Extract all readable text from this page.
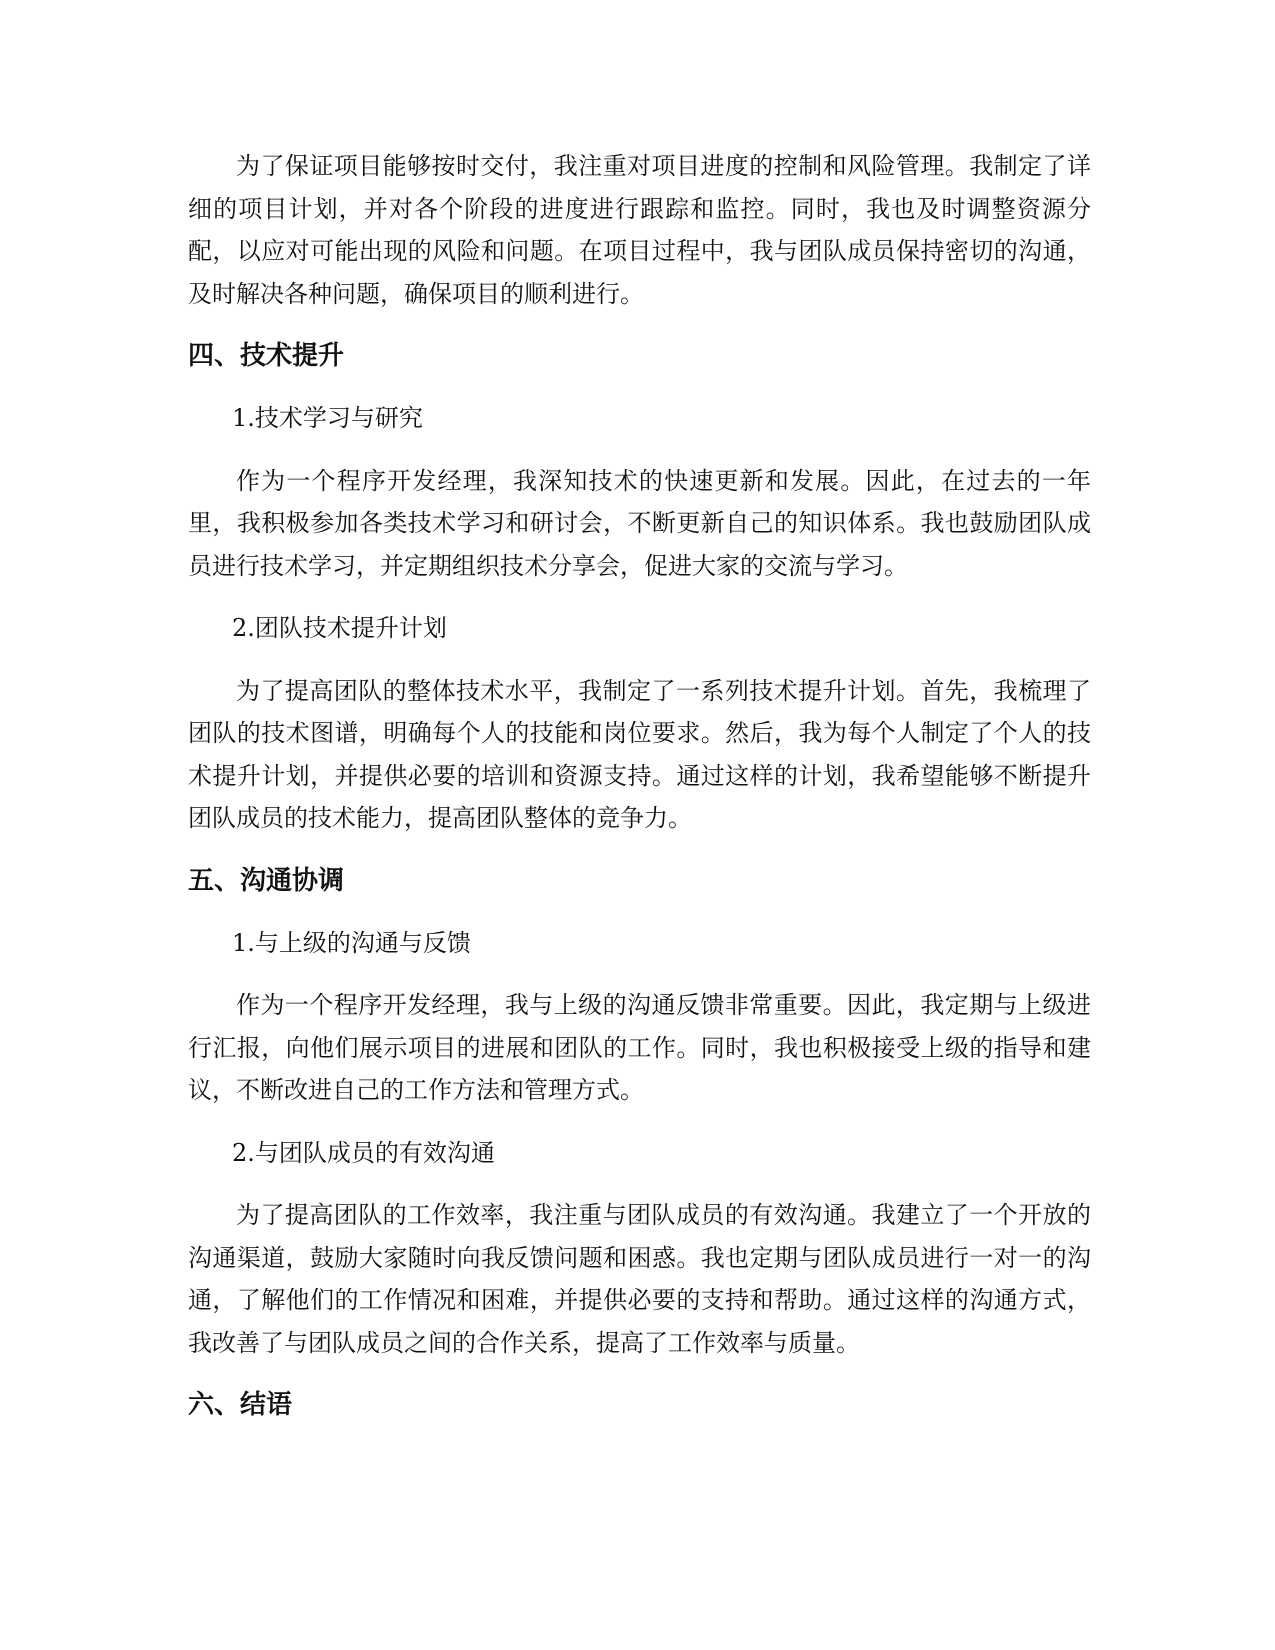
为了保证项目能够按时交付，我注重对项目进度的控制和风险管理。我制定了详细的项目计划，并对各个阶段的进度进行跟踪和监控。同时，我也及时调整资源分配，以应对可能出现的风险和问题。在项目过程中，我与团队成员保持密切的沟通，及时解决各种问题，确保项目的顺利进行。

四、技术提升

1.技术学习与研究

作为一个程序开发经理，我深知技术的快速更新和发展。因此，在过去的一年里，我积极参加各类技术学习和研讨会，不断更新自己的知识体系。我也鼓励团队成员进行技术学习，并定期组织技术分享会，促进大家的交流与学习。

2.团队技术提升计划

为了提高团队的整体技术水平，我制定了一系列技术提升计划。首先，我梳理了团队的技术图谱，明确每个人的技能和岗位要求。然后，我为每个人制定了个人的技术提升计划，并提供必要的培训和资源支持。通过这样的计划，我希望能够不断提升团队成员的技术能力，提高团队整体的竞争力。

五、沟通协调

1.与上级的沟通与反馈

作为一个程序开发经理，我与上级的沟通反馈非常重要。因此，我定期与上级进行汇报，向他们展示项目的进展和团队的工作。同时，我也积极接受上级的指导和建议，不断改进自己的工作方法和管理方式。

2.与团队成员的有效沟通

为了提高团队的工作效率，我注重与团队成员的有效沟通。我建立了一个开放的沟通渠道，鼓励大家随时向我反馈问题和困惑。我也定期与团队成员进行一对一的沟通，了解他们的工作情况和困难，并提供必要的支持和帮助。通过这样的沟通方式，我改善了与团队成员之间的合作关系，提高了工作效率与质量。

六、结语
